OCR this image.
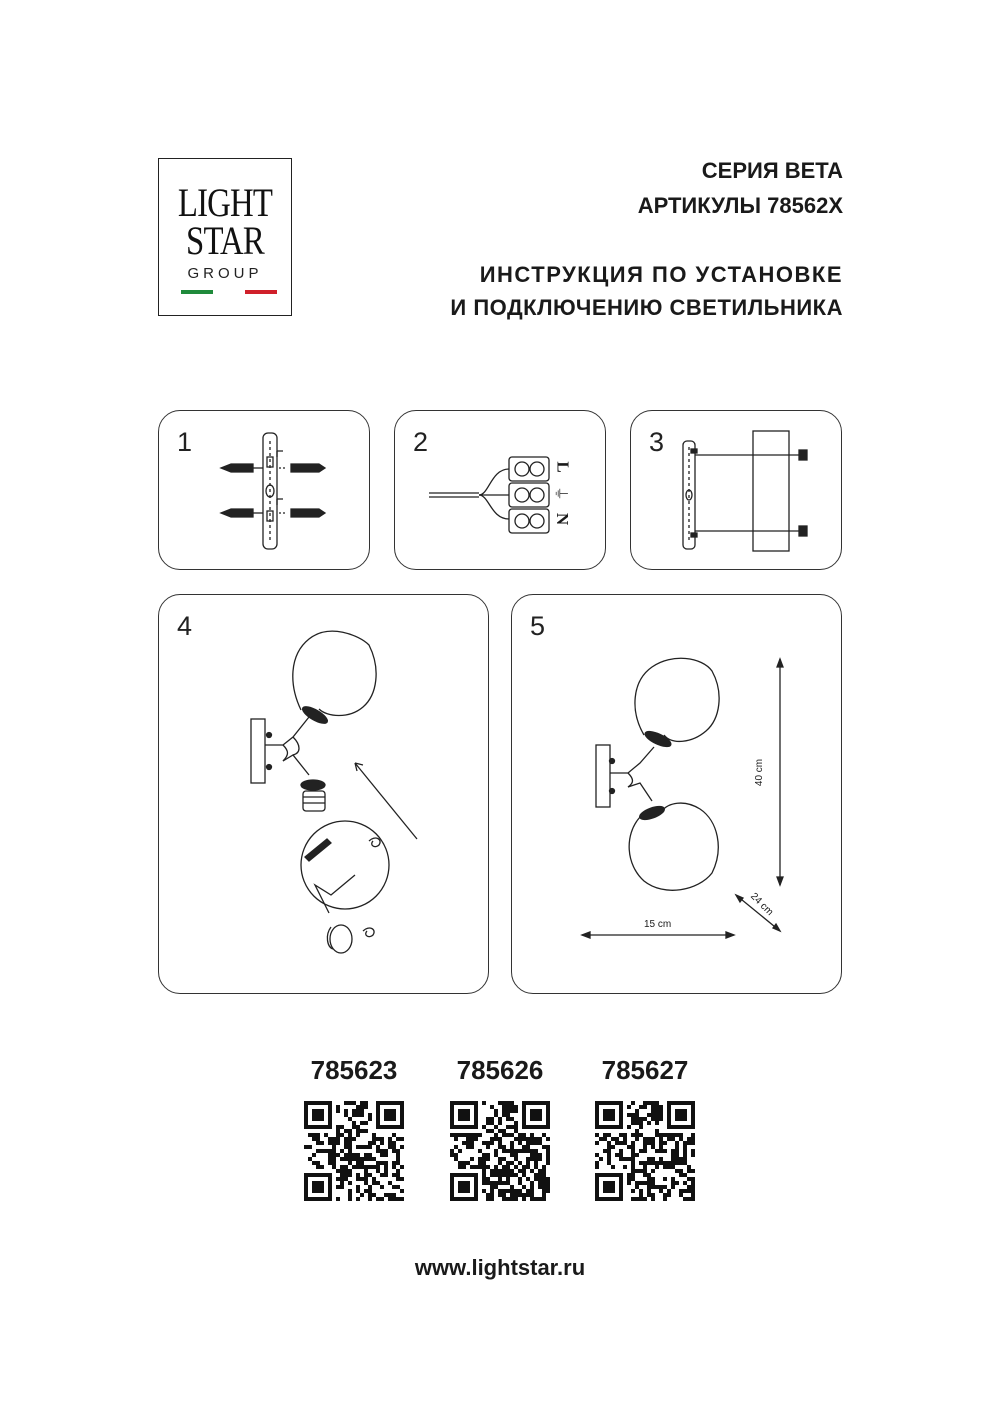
LIGHT
STAR
GROUP
СЕРИЯ BETA
АРТИКУЛЫ 78562X
ИНСТРУКЦИЯ ПО УСТАНОВКЕ
И ПОДКЛЮЧЕНИЮ СВЕТИЛЬНИКА
1	2
L
⏚
N
3
4	5
40 cm
15 cm
24 cm
785623	785626	785627
www.lightstar.ru
